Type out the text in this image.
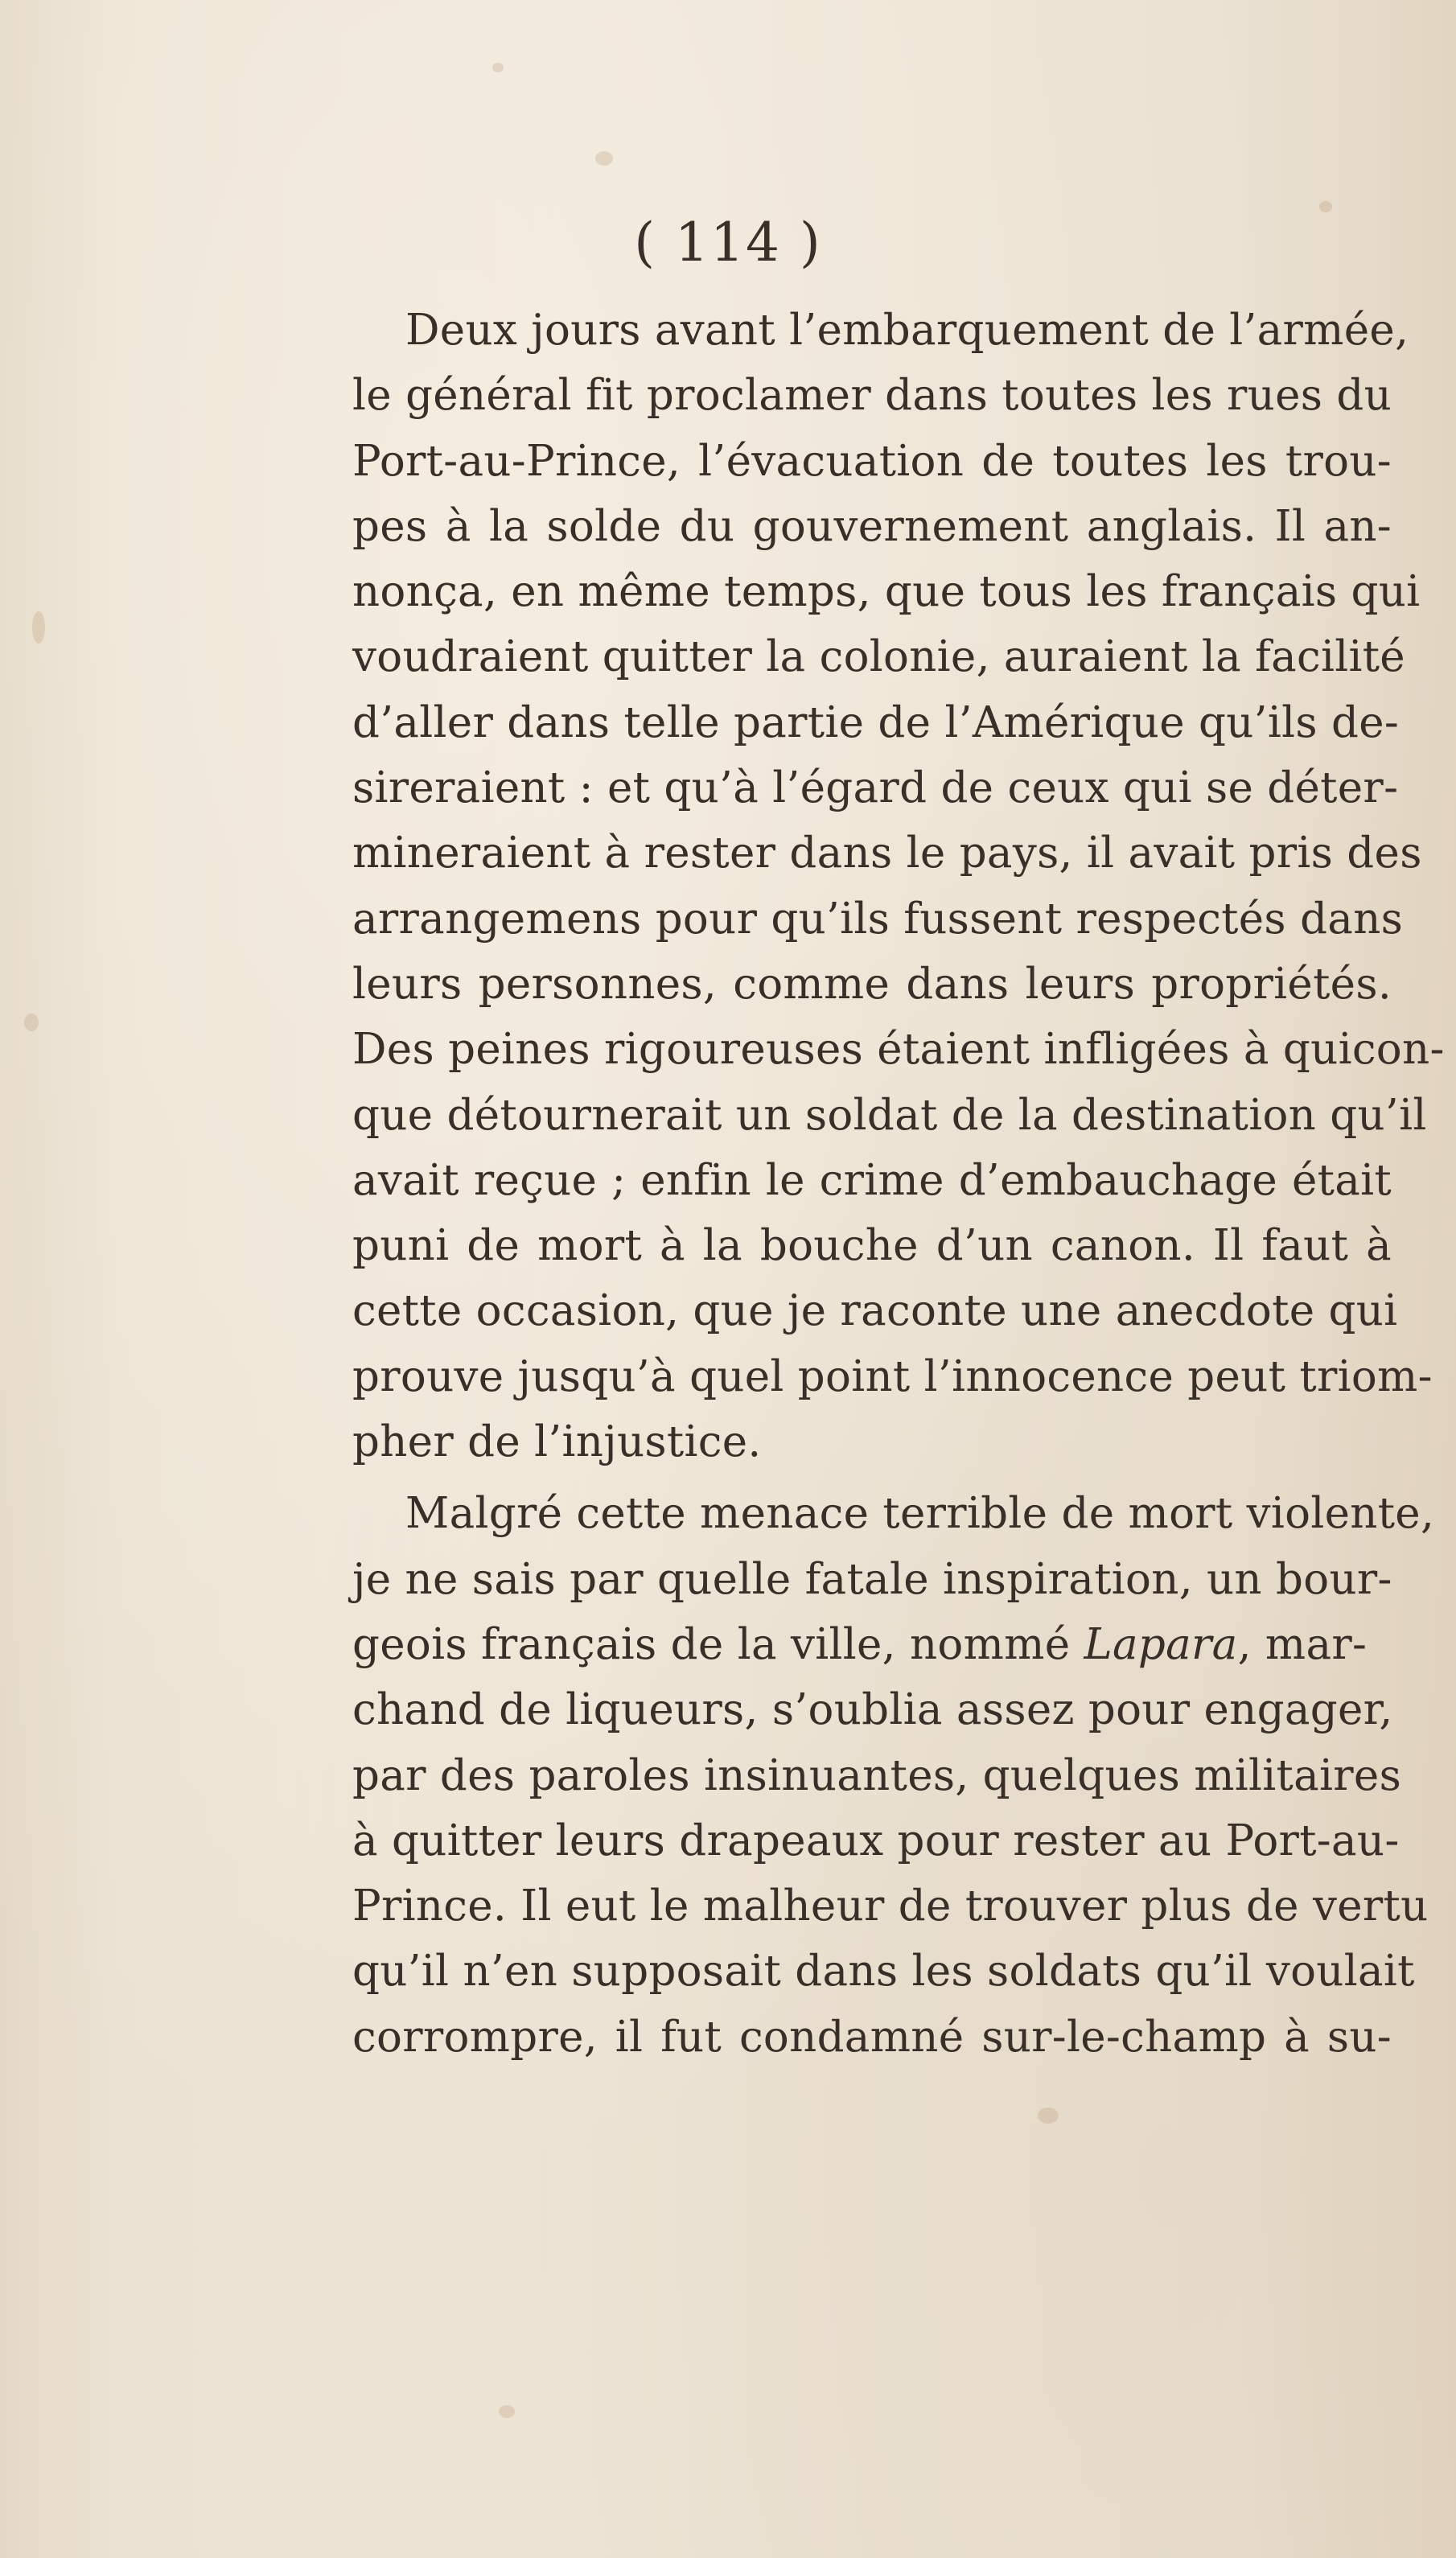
( 114 )
Deux jours avant l’embarquement de l’armée,
le général fit proclamer dans toutes les rues du
Port-au-Prince, l’évacuation de toutes les trou-
pes à la solde du gouvernement anglais. Il an-
nonça, en même temps, que tous les français qui
voudraient quitter la colonie, auraient la facilité
d’aller dans telle partie de l’Amérique qu’ils de-
sireraient : et qu’à l’égard de ceux qui se déter-
mineraient à rester dans le pays, il avait pris des
arrangemens pour qu’ils fussent respectés dans
leurs personnes, comme dans leurs propriétés.
Des peines rigoureuses étaient infligées à quicon-
que détournerait un soldat de la destination qu’il
avait reçue ; enfin le crime d’embauchage était
puni de mort à la bouche d’un canon. Il faut à
cette occasion, que je raconte une anecdote qui
prouve jusqu’à quel point l’innocence peut triom-
pher de l’injustice.
Malgré cette menace terrible de mort violente,
je ne sais par quelle fatale inspiration, un bour-
geois français de la ville, nommé Lapara, mar-
chand de liqueurs, s’oublia assez pour engager,
par des paroles insinuantes, quelques militaires
à quitter leurs drapeaux pour rester au Port-au-
Prince. Il eut le malheur de trouver plus de vertu
qu’il n’en supposait dans les soldats qu’il voulait
corrompre, il fut condamné sur-le-champ à su-
